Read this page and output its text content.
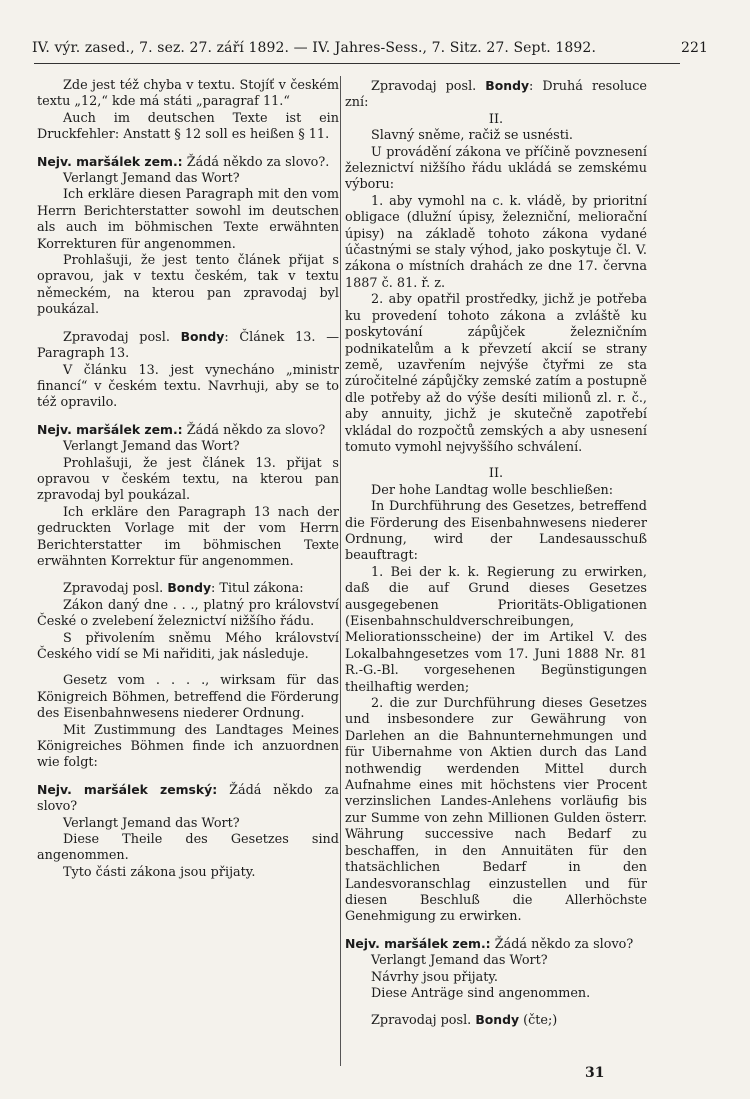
IV. výr. zased., 7. sez. 27. září 1892. — IV. Jahres-Sess., 7. Sitz. 27. Sept. 1892.	221

Zde jest též chyba v textu. Stojíť v českém textu „12,“ kde má státi „paragraf 11.“

Auch im deutschen Texte ist ein Druckfehler: Anstatt § 12 soll es heißen § 11.

Nejv. maršálek zem.: Žádá někdo za slovo?.

Verlangt Jemand das Wort?

Ich erkläre diesen Paragraph mit den vom Herrn Berichterstatter sowohl im deutschen als auch im böhmischen Texte erwähnten Korrekturen für angenommen.

Prohlašuji, že jest tento článek přijat s opravou, jak v textu českém, tak v textu německém, na kterou pan zpravodaj byl poukázal.

Zpravodaj posl. Bondy: Článek 13. — Paragraph 13.

V článku 13. jest vynecháno „ministr financí“ v českém textu. Navrhuji, aby se to též opravilo.

Nejv. maršálek zem.: Žádá někdo za slovo?

Verlangt Jemand das Wort?

Prohlašuji, že jest článek 13. přijat s opravou v českém textu, na kterou pan zpravodaj byl poukázal.

Ich erkläre den Paragraph 13 nach der gedruckten Vorlage mit der vom Herrn Berichterstatter im böhmischen Texte erwähnten Korrektur für angenommen.

Zpravodaj posl. Bondy: Titul zákona:

Zákon daný dne . . ., platný pro království České o zvelebení železnictví nižšího řádu.

S přivolením sněmu Mého království Českého vidí se Mi nařiditi, jak následuje.

Gesetz vom . . . ., wirksam für das Königreich Böhmen, betreffend die Förderung des Eisenbahnwesens niederer Ordnung.

Mit Zustimmung des Landtages Meines Königreiches Böhmen finde ich anzuordnen wie folgt:

Nejv. maršálek zemský: Žádá někdo za slovo?

Verlangt Jemand das Wort?

Diese Theile des Gesetzes sind angenommen.

Tyto části zákona jsou přijaty.

Zpravodaj posl. Bondy: Druhá resoluce zní:

II.

Slavný sněme, račiž se usnésti.

U provádění zákona ve příčině povznesení železnictví nižšího řádu ukládá se zemskému výboru:

1. aby vymohl na c. k. vládě, by prioritní obligace (dlužní úpisy, železniční, meliorační úpisy) na základě tohoto zákona vydané účastnými se staly výhod, jako poskytuje čl. V. zákona o místních drahách ze dne 17. června 1887 č. 81. ř. z.

2. aby opatřil prostředky, jichž je potřeba ku provedení tohoto zákona a zvláště ku poskytování zápůjček železničním podnikatelům a k převzetí akcií se strany země, uzavřením nejvýše čtyřmi ze sta zúročitelné zápůjčky zemské zatím a postupně dle potřeby až do výše desíti milionů zl. r. č., aby annuity, jichž je skutečně zapotřebí vkládal do rozpočtů zemských a aby usnesení tomuto vymohl nejvyššího schválení.

II.

Der hohe Landtag wolle beschließen:

In Durchführung des Gesetzes, betreffend die Förderung des Eisenbahnwesens niederer Ordnung, wird der Landesausschuß beauftragt:

1. Bei der k. k. Regierung zu erwirken, daß die auf Grund dieses Gesetzes ausgegebenen Prioritäts-Obligationen (Eisenbahnschuldverschreibungen, Meliorationsscheine) der im Artikel V. des Lokalbahngesetzes vom 17. Juni 1888 Nr. 81 R.-G.-Bl. vorgesehenen Begünstigungen theilhaftig werden;

2. die zur Durchführung dieses Gesetzes und insbesondere zur Gewährung von Darlehen an die Bahnunternehmungen und für Uibernahme von Aktien durch das Land nothwendig werdenden Mittel durch Aufnahme eines mit höchstens vier Procent verzinslichen Landes-Anlehens vorläufig bis zur Summe von zehn Millionen Gulden österr. Währung successive nach Bedarf zu beschaffen, in den Annuitäten für den thatsächlichen Bedarf in den Landesvoranschlag einzustellen und für diesen Beschluß die Allerhöchste Genehmigung zu erwirken.

Nejv. maršálek zem.: Žádá někdo za slovo?

Verlangt Jemand das Wort?

Návrhy jsou přijaty.

Diese Anträge sind angenommen.

Zpravodaj posl. Bondy (čte;)

31
